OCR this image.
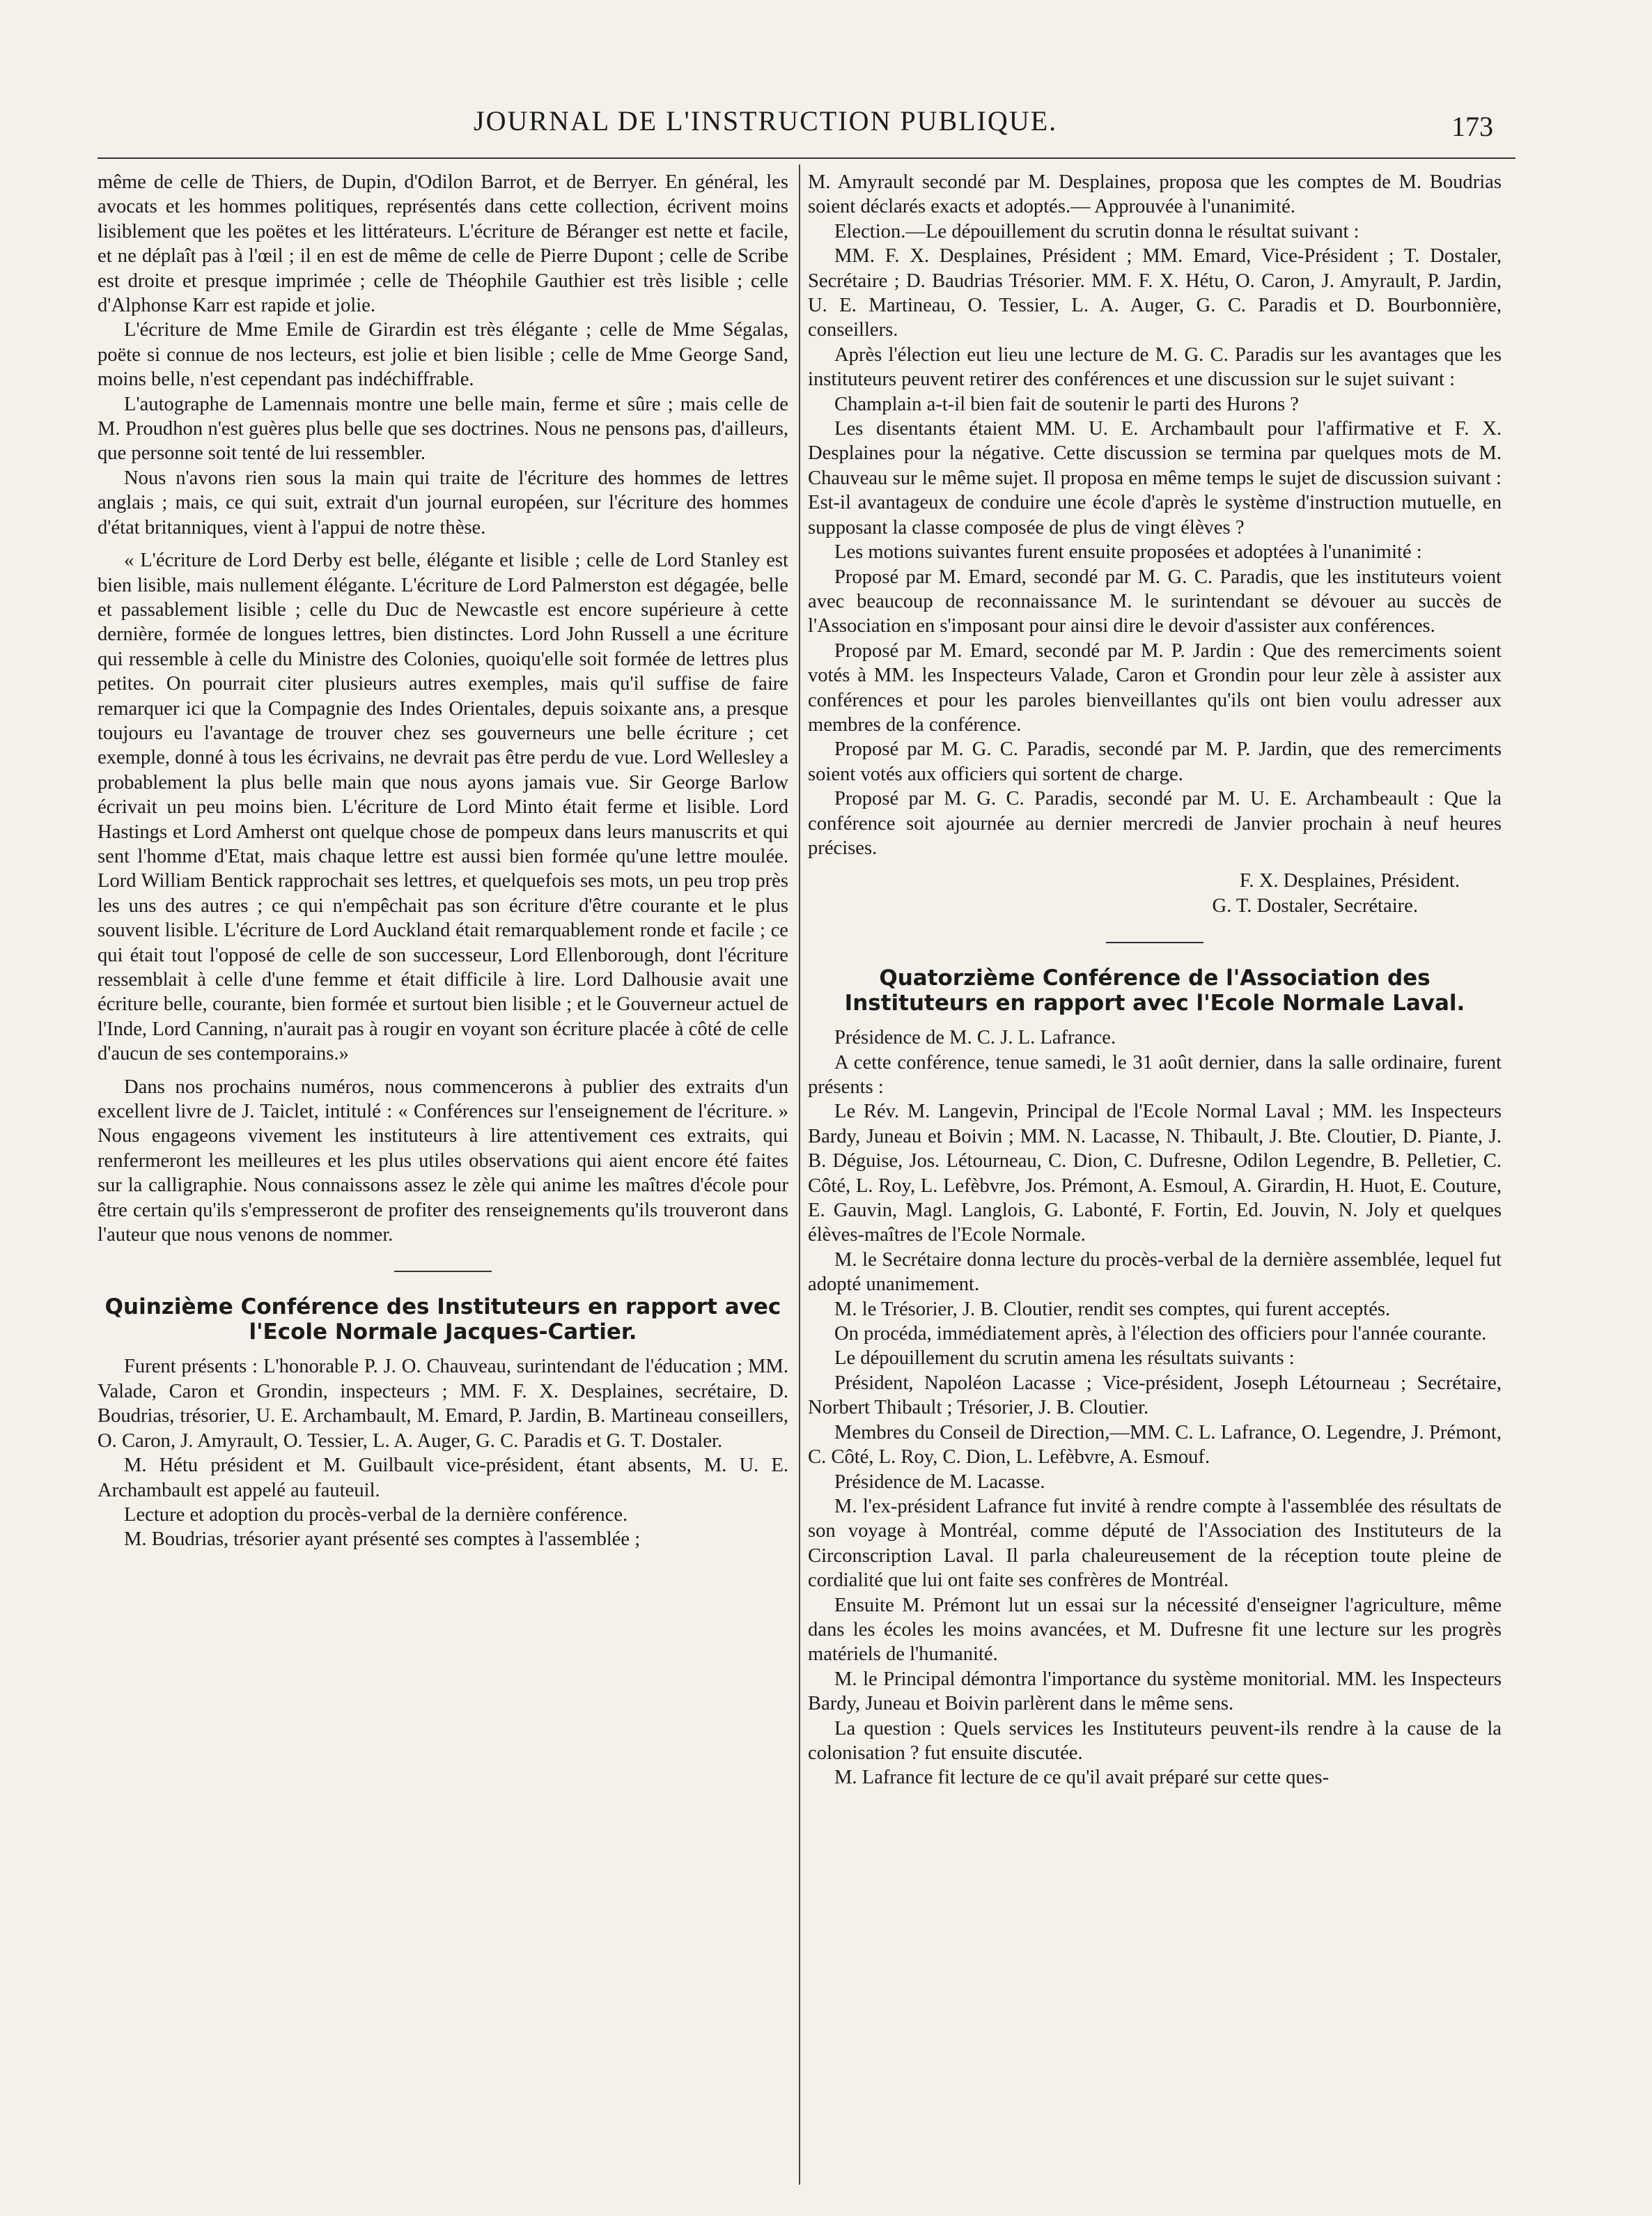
JOURNAL DE L'INSTRUCTION PUBLIQUE.	173

même de celle de Thiers, de Dupin, d'Odilon Barrot, et de Berryer. En général, les avocats et les hommes politiques, représentés dans cette collection, écrivent moins lisiblement que les poëtes et les littérateurs. L'écriture de Béranger est nette et facile, et ne déplaît pas à l'œil ; il en est de même de celle de Pierre Dupont ; celle de Scribe est droite et presque imprimée ; celle de Théophile Gauthier est très lisible ; celle d'Alphonse Karr est rapide et jolie.

L'écriture de Mme Emile de Girardin est très élégante ; celle de Mme Ségalas, poëte si connue de nos lecteurs, est jolie et bien lisible ; celle de Mme George Sand, moins belle, n'est cependant pas indéchiffrable.

L'autographe de Lamennais montre une belle main, ferme et sûre ; mais celle de M. Proudhon n'est guères plus belle que ses doctrines. Nous ne pensons pas, d'ailleurs, que personne soit tenté de lui ressembler.

Nous n'avons rien sous la main qui traite de l'écriture des hommes de lettres anglais ; mais, ce qui suit, extrait d'un journal européen, sur l'écriture des hommes d'état britanniques, vient à l'appui de notre thèse.

« L'écriture de Lord Derby est belle, élégante et lisible ; celle de Lord Stanley est bien lisible, mais nullement élégante. L'écriture de Lord Palmerston est dégagée, belle et passablement lisible ; celle du Duc de Newcastle est encore supérieure à cette dernière, formée de longues lettres, bien distinctes. Lord John Russell a une écriture qui ressemble à celle du Ministre des Colonies, quoiqu'elle soit formée de lettres plus petites. On pourrait citer plusieurs autres exemples, mais qu'il suffise de faire remarquer ici que la Compagnie des Indes Orientales, depuis soixante ans, a presque toujours eu l'avantage de trouver chez ses gouverneurs une belle écriture ; cet exemple, donné à tous les écrivains, ne devrait pas être perdu de vue. Lord Wellesley a probablement la plus belle main que nous ayons jamais vue. Sir George Barlow écrivait un peu moins bien. L'écriture de Lord Minto était ferme et lisible. Lord Hastings et Lord Amherst ont quelque chose de pompeux dans leurs manuscrits et qui sent l'homme d'Etat, mais chaque lettre est aussi bien formée qu'une lettre moulée. Lord William Bentick rapprochait ses lettres, et quelquefois ses mots, un peu trop près les uns des autres ; ce qui n'empêchait pas son écriture d'être courante et le plus souvent lisible. L'écriture de Lord Auckland était remarquablement ronde et facile ; ce qui était tout l'opposé de celle de son successeur, Lord Ellenborough, dont l'écriture ressemblait à celle d'une femme et était difficile à lire. Lord Dalhousie avait une écriture belle, courante, bien formée et surtout bien lisible ; et le Gouverneur actuel de l'Inde, Lord Canning, n'aurait pas à rougir en voyant son écriture placée à côté de celle d'aucun de ses contemporains.»

Dans nos prochains numéros, nous commencerons à publier des extraits d'un excellent livre de J. Taiclet, intitulé : « Conférences sur l'enseignement de l'écriture. » Nous engageons vivement les instituteurs à lire attentivement ces extraits, qui renfermeront les meilleures et les plus utiles observations qui aient encore été faites sur la calligraphie. Nous connaissons assez le zèle qui anime les maîtres d'école pour être certain qu'ils s'empresseront de profiter des renseignements qu'ils trouveront dans l'auteur que nous venons de nommer.

Quinzième Conférence des Instituteurs en rapport avec l'Ecole Normale Jacques-Cartier.

Furent présents : L'honorable P. J. O. Chauveau, surintendant de l'éducation ; MM. Valade, Caron et Grondin, inspecteurs ; MM. F. X. Desplaines, secrétaire, D. Boudrias, trésorier, U. E. Archambault, M. Emard, P. Jardin, B. Martineau conseillers, O. Caron, J. Amyrault, O. Tessier, L. A. Auger, G. C. Paradis et G. T. Dostaler.

M. Hétu président et M. Guilbault vice-président, étant absents, M. U. E. Archambault est appelé au fauteuil.

Lecture et adoption du procès-verbal de la dernière conférence.

M. Boudrias, trésorier ayant présenté ses comptes à l'assemblée ;

M. Amyrault secondé par M. Desplaines, proposa que les comptes de M. Boudrias soient déclarés exacts et adoptés.— Approuvée à l'unanimité.

Election.—Le dépouillement du scrutin donna le résultat suivant :

MM. F. X. Desplaines, Président ; MM. Emard, Vice-Président ; T. Dostaler, Secrétaire ; D. Baudrias Trésorier. MM. F. X. Hétu, O. Caron, J. Amyrault, P. Jardin, U. E. Martineau, O. Tessier, L. A. Auger, G. C. Paradis et D. Bourbonnière, conseillers.

Après l'élection eut lieu une lecture de M. G. C. Paradis sur les avantages que les instituteurs peuvent retirer des conférences et une discussion sur le sujet suivant :

Champlain a-t-il bien fait de soutenir le parti des Hurons ?

Les disentants étaient MM. U. E. Archambault pour l'affirmative et F. X. Desplaines pour la négative. Cette discussion se termina par quelques mots de M. Chauveau sur le même sujet. Il proposa en même temps le sujet de discussion suivant : Est-il avantageux de conduire une école d'après le système d'instruction mutuelle, en supposant la classe composée de plus de vingt élèves ?

Les motions suivantes furent ensuite proposées et adoptées à l'unanimité :

Proposé par M. Emard, secondé par M. G. C. Paradis, que les instituteurs voient avec beaucoup de reconnaissance M. le surintendant se dévouer au succès de l'Association en s'imposant pour ainsi dire le devoir d'assister aux conférences.

Proposé par M. Emard, secondé par M. P. Jardin : Que des remerciments soient votés à MM. les Inspecteurs Valade, Caron et Grondin pour leur zèle à assister aux conférences et pour les paroles bienveillantes qu'ils ont bien voulu adresser aux membres de la conférence.

Proposé par M. G. C. Paradis, secondé par M. P. Jardin, que des remerciments soient votés aux officiers qui sortent de charge.

Proposé par M. G. C. Paradis, secondé par M. U. E. Archambeault : Que la conférence soit ajournée au dernier mercredi de Janvier prochain à neuf heures précises.

F. X. Desplaines, Président.

G. T. Dostaler, Secrétaire.

Quatorzième Conférence de l'Association des Instituteurs en rapport avec l'Ecole Normale Laval.

Présidence de M. C. J. L. Lafrance.

A cette conférence, tenue samedi, le 31 août dernier, dans la salle ordinaire, furent présents :

Le Rév. M. Langevin, Principal de l'Ecole Normal Laval ; MM. les Inspecteurs Bardy, Juneau et Boivin ; MM. N. Lacasse, N. Thibault, J. Bte. Cloutier, D. Piante, J. B. Déguise, Jos. Létourneau, C. Dion, C. Dufresne, Odilon Legendre, B. Pelletier, C. Côté, L. Roy, L. Lefèbvre, Jos. Prémont, A. Esmoul, A. Girardin, H. Huot, E. Couture, E. Gauvin, Magl. Langlois, G. Labonté, F. Fortin, Ed. Jouvin, N. Joly et quelques élèves-maîtres de l'Ecole Normale.

M. le Secrétaire donna lecture du procès-verbal de la dernière assemblée, lequel fut adopté unanimement.

M. le Trésorier, J. B. Cloutier, rendit ses comptes, qui furent acceptés.

On procéda, immédiatement après, à l'élection des officiers pour l'année courante.

Le dépouillement du scrutin amena les résultats suivants :

Président, Napoléon Lacasse ; Vice-président, Joseph Létourneau ; Secrétaire, Norbert Thibault ; Trésorier, J. B. Cloutier.

Membres du Conseil de Direction,—MM. C. L. Lafrance, O. Legendre, J. Prémont, C. Côté, L. Roy, C. Dion, L. Lefèbvre, A. Esmouf.

Présidence de M. Lacasse.

M. l'ex-président Lafrance fut invité à rendre compte à l'assemblée des résultats de son voyage à Montréal, comme député de l'Association des Instituteurs de la Circonscription Laval. Il parla chaleureusement de la réception toute pleine de cordialité que lui ont faite ses confrères de Montréal.

Ensuite M. Prémont lut un essai sur la nécessité d'enseigner l'agriculture, même dans les écoles les moins avancées, et M. Dufresne fit une lecture sur les progrès matériels de l'humanité.

M. le Principal démontra l'importance du système monitorial. MM. les Inspecteurs Bardy, Juneau et Boivin parlèrent dans le même sens.

La question : Quels services les Instituteurs peuvent-ils rendre à la cause de la colonisation ? fut ensuite discutée.

M. Lafrance fit lecture de ce qu'il avait préparé sur cette ques-
